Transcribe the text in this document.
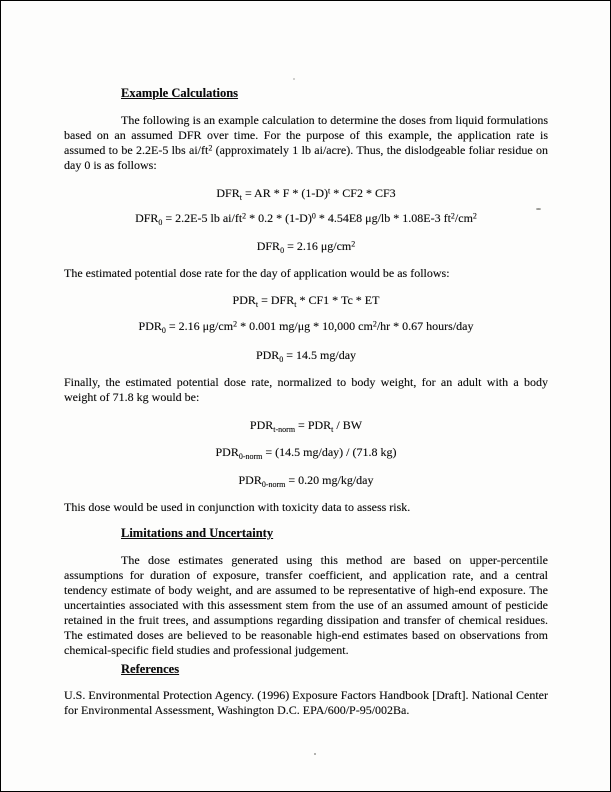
Example Calculations

The following is an example calculation to determine the doses from liquid formulations based on an assumed DFR over time. For the purpose of this example, the application rate is assumed to be 2.2E-5 lbs $ai/ft^2$ (approximately 1 lb ai/acre). Thus, the dislodgeable foliar residue on day 0 is as follows:

$DFR_t$ = AR * F * $(1-D)^t * CF2 * CF3$
$DFR_0 = 2.2E-5$ lb $ai/ft^2 * 0.2 * (1-D)^0 * 4.54E8$ μg/lb * 1.08E-3 $ft^2/cm^2$
$DFR_0 = 2.16$ $\mu g/cm^2$

The estimated potential dose rate for the day of application would be as follows:

$PDR_t = DFR_t * CF1 * Tc$ * ET
$PDR_0 = 2.16$ $\mu g/cm^2 * 0.001$ mg/μg * 10,000 $cm^2/hr * 0.67$ hours/day
$PDR_0 = 14.5$ mg/day

Finally, the estimated potential dose rate, normalized to body weight, for an adult with a body weight of 71.8 kg would be:

$PDR_{t-norm} = PDR_t$ / BW
$PDR_{0-norm} = (14.5$ mg/day) / (71.8 kg)
$PDR_{0-norm} = 0.20$ mg/kg/day

This dose would be used in conjunction with toxicity data to assess risk.

Limitations and Uncertainty

The dose estimates generated using this method are based on upper-percentile assumptions for duration of exposure, transfer coefficient, and application rate, and a central tendency estimate of body weight, and are assumed to be representative of high-end exposure. The uncertainties associated with this assessment stem from the use of an assumed amount of pesticide retained in the fruit trees, and assumptions regarding dissipation and transfer of chemical residues. The estimated doses are believed to be reasonable high-end estimates based on observations from chemical-specific field studies and professional judgement.

References

U.S. Environmental Protection Agency. (1996) Exposure Factors Handbook [Draft]. National Center for Environmental Assessment, Washington D.C. EPA/600/P-95/002Ba.
